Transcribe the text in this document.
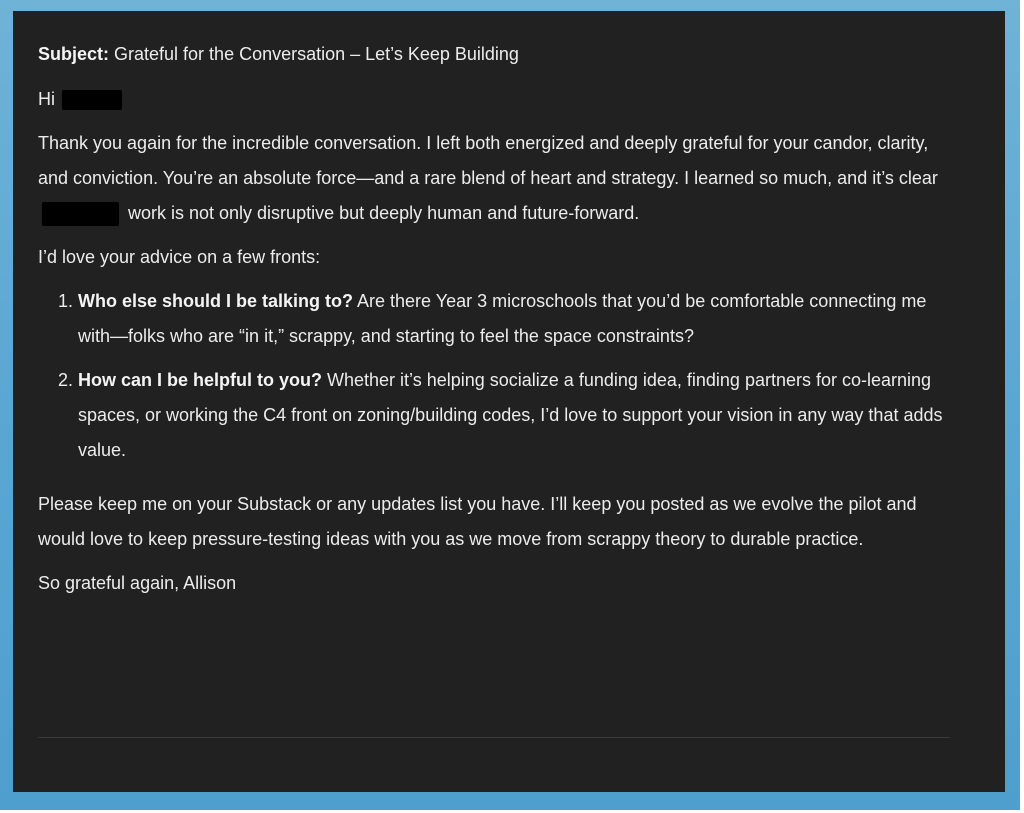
Subject: Grateful for the Conversation – Let’s Keep Building

Hi

Thank you again for the incredible conversation. I left both energized and deeply grateful for your candor, clarity, and conviction. You’re an absolute force—and a rare blend of heart and strategy. I learned so much, and it’s clear  work is not only disruptive but deeply human and future-forward.

I’d love your advice on a few fronts:

1. Who else should I be talking to? Are there Year 3 microschools that you’d be comfortable connecting me with—folks who are “in it,” scrappy, and starting to feel the space constraints?
2. How can I be helpful to you? Whether it’s helping socialize a funding idea, finding partners for co-learning spaces, or working the C4 front on zoning/building codes, I’d love to support your vision in any way that adds value.

Please keep me on your Substack or any updates list you have. I’ll keep you posted as we evolve the pilot and would love to keep pressure-testing ideas with you as we move from scrappy theory to durable practice.

So grateful again, Allison
